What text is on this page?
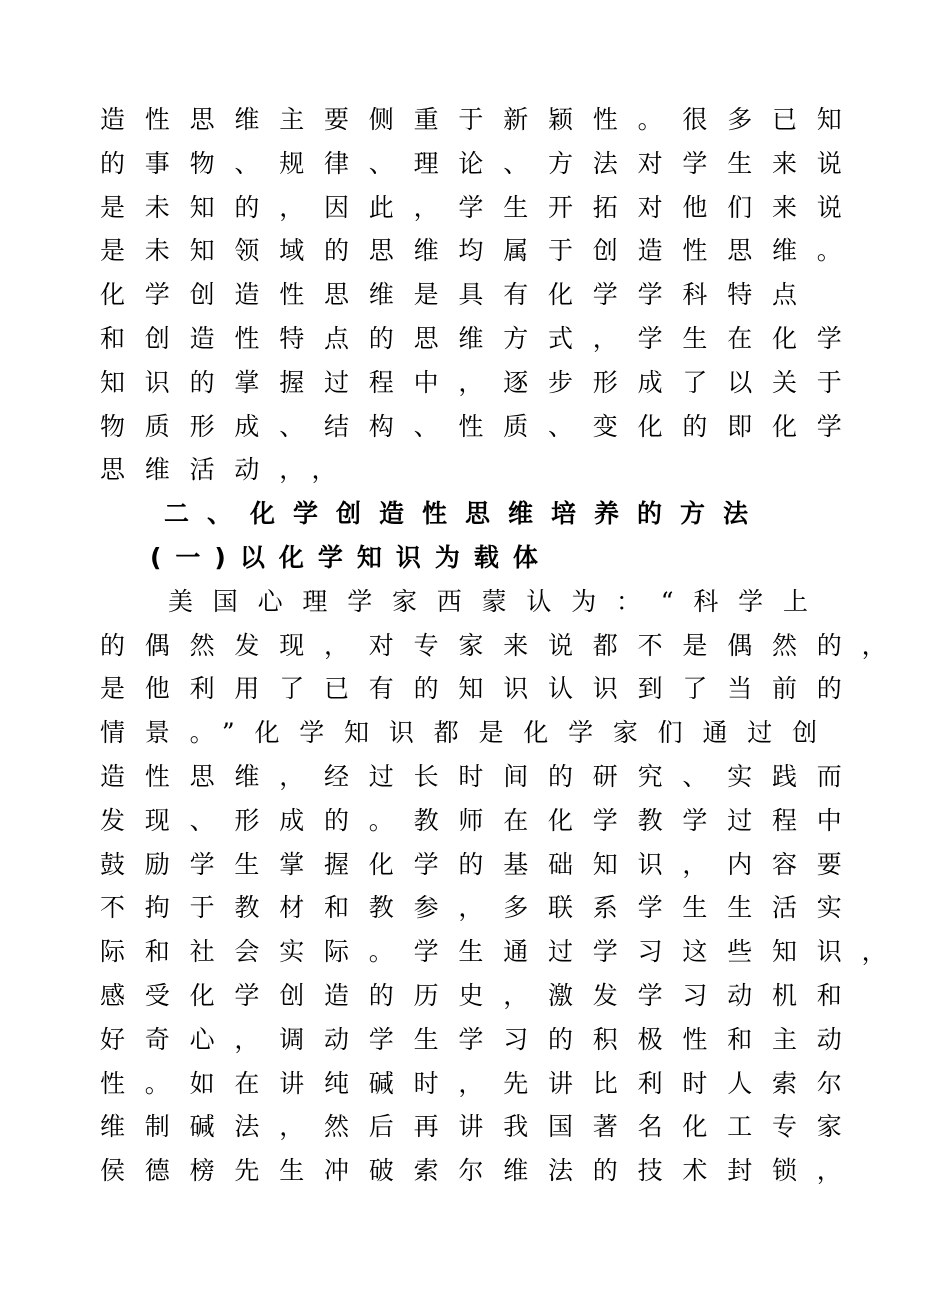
造性思维主要侧重于新颖性。很多已知
的事物、规律、理论、方法对学生来说
是未知的，因此，学生开拓对他们来说
是未知领域的思维均属于创造性思维。
化学创造性思维是具有化学学科特点
和创造性特点的思维方式，学生在化学
知识的掌握过程中，逐步形成了以关于
物质形成、结构、性质、变化的即化学
思维活动，，
二、化学创造性思维培养的方法
(一)以化学知识为载体
美国心理学家西蒙认为：“科学上
的偶然发现，对专家来说都不是偶然的，
是他利用了已有的知识认识到了当前的
情景。”化学知识都是化学家们通过创
造性思维，经过长时间的研究、实践而
发现、形成的。教师在化学教学过程中
鼓励学生掌握化学的基础知识，内容要
不拘于教材和教参，多联系学生生活实
际和社会实际。学生通过学习这些知识，
感受化学创造的历史，激发学习动机和
好奇心，调动学生学习的积极性和主动
性。如在讲纯碱时，先讲比利时人索尔
维制碱法，然后再讲我国著名化工专家
侯德榜先生冲破索尔维法的技术封锁，
